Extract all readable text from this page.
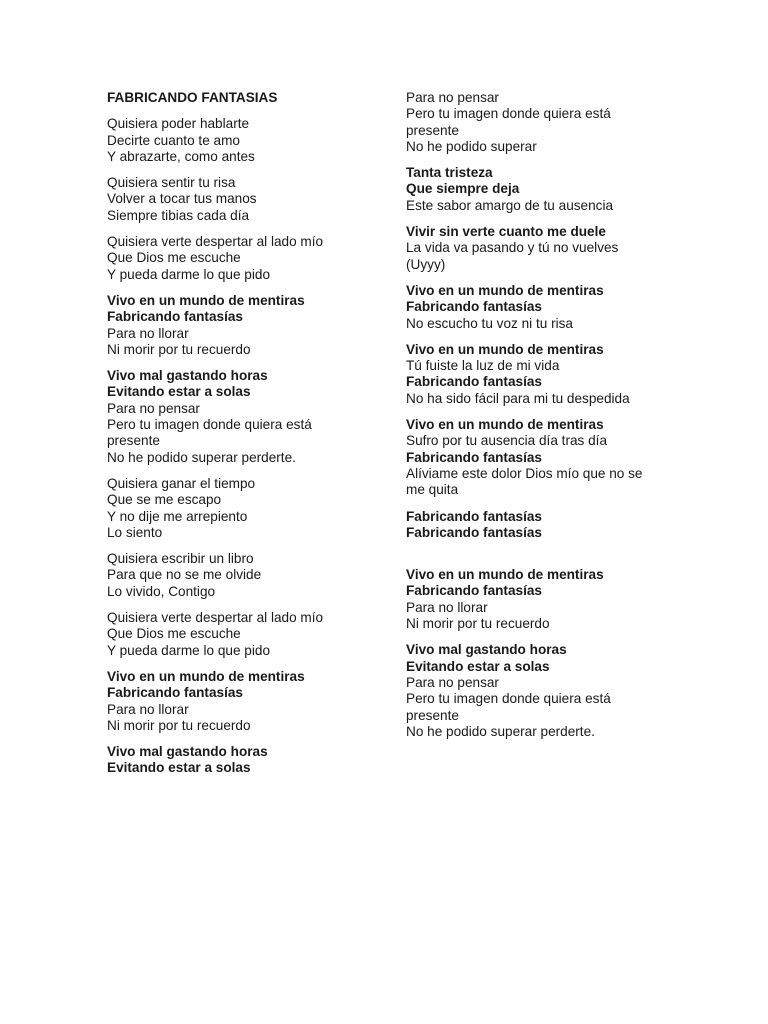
FABRICANDO FANTASIAS
Quisiera poder hablarte
Decirte cuanto te amo
Y abrazarte, como antes
Quisiera sentir tu risa
Volver a tocar tus manos
Siempre tibias cada día
Quisiera verte despertar al lado mío
Que Dios me escuche
Y pueda darme lo que pido
Vivo en un mundo de mentiras
Fabricando fantasías
Para no llorar
Ni morir por tu recuerdo
Vivo mal gastando horas
Evitando estar a solas
Para no pensar
Pero tu imagen donde quiera está presente
No he podido superar perderte.
Quisiera ganar el tiempo
Que se me escapo
Y no dije me arrepiento
Lo siento
Quisiera escribir un libro
Para que no se me olvide
Lo vivido, Contigo
Quisiera verte despertar al lado mío
Que Dios me escuche
Y pueda darme lo que pido
Vivo en un mundo de mentiras
Fabricando fantasías
Para no llorar
Ni morir por tu recuerdo
Vivo mal gastando horas
Evitando estar a solas
Para no pensar
Pero tu imagen donde quiera está presente
No he podido superar
Tanta tristeza
Que siempre deja
Este sabor amargo de tu ausencia
Vivir sin verte cuanto me duele
La vida va pasando y tú no vuelves
(Uyyy)
Vivo en un mundo de mentiras
Fabricando fantasías
No escucho tu voz ni tu risa
Vivo en un mundo de mentiras
Tú fuiste la luz de mi vida
Fabricando fantasías
No ha sido fácil para mi tu despedida
Vivo en un mundo de mentiras
Sufro por tu ausencia día tras día
Fabricando fantasías
Alíviame este dolor Dios mío que no se me quita
Fabricando fantasías
Fabricando fantasías
Vivo en un mundo de mentiras
Fabricando fantasías
Para no llorar
Ni morir por tu recuerdo
Vivo mal gastando horas
Evitando estar a solas
Para no pensar
Pero tu imagen donde quiera está presente
No he podido superar perderte.
